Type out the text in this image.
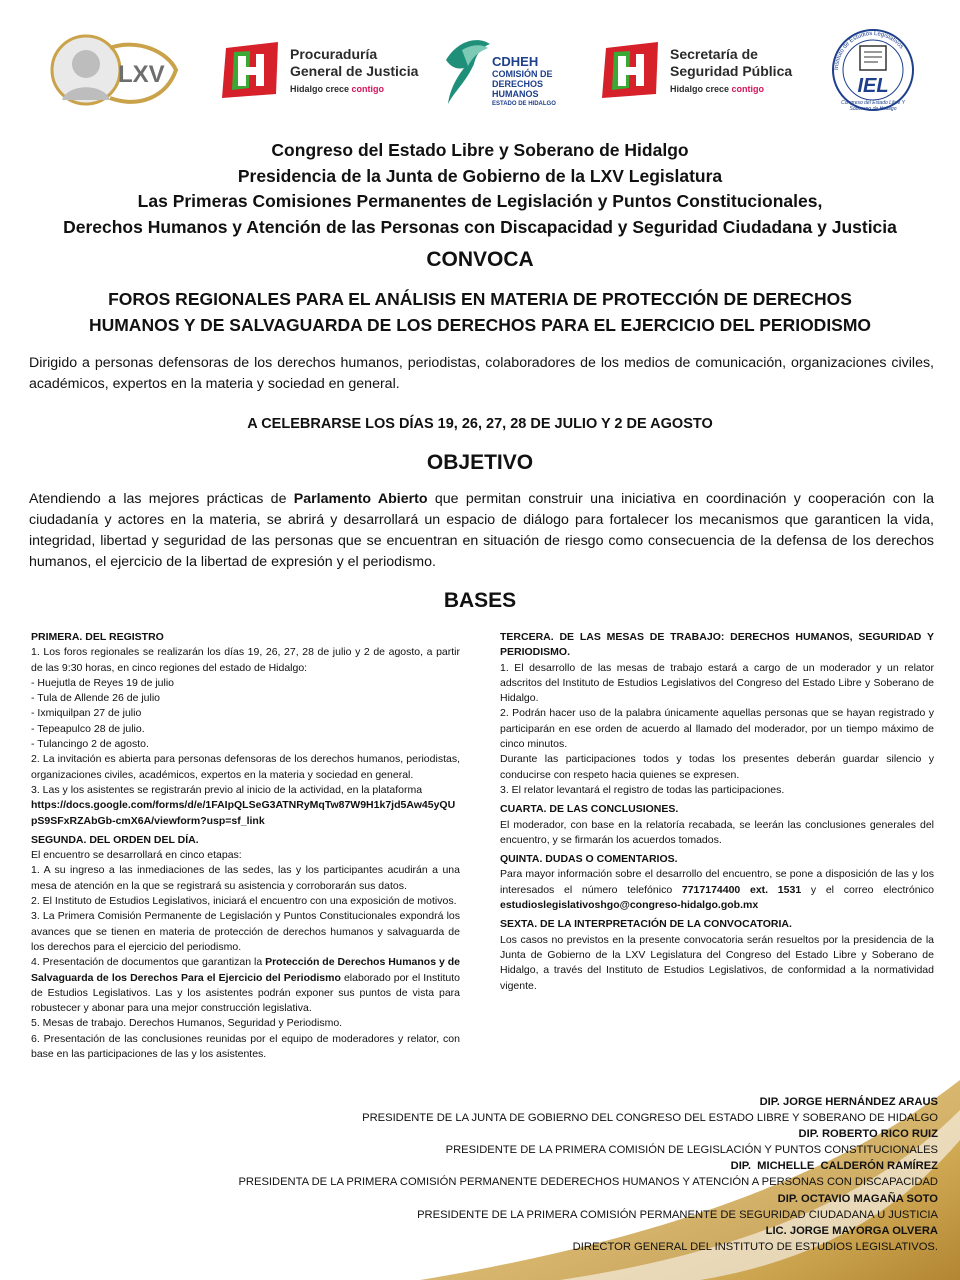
LXV
Procuraduría General de Justicia
Hidalgo crece contigo
CDHEH
COMISIÓN DE DERECHOS HUMANOS
ESTADO DE HIDALGO
Secretaría de Seguridad Pública
Hidalgo crece contigo
Instituto de Estudios Legislativos
IEL
Congreso del Estado Libre Y Soberano de Hidalgo
Congreso del Estado Libre y Soberano de Hidalgo
Presidencia de la Junta de Gobierno de la LXV Legislatura
Las Primeras Comisiones Permanentes de Legislación y Puntos Constitucionales,
Derechos Humanos y Atención de las Personas con Discapacidad y Seguridad Ciudadana y Justicia
CONVOCA
FOROS REGIONALES PARA EL ANÁLISIS EN MATERIA DE PROTECCIÓN DE DERECHOS
HUMANOS Y DE SALVAGUARDA DE LOS DERECHOS PARA EL EJERCICIO DEL PERIODISMO
Dirigido a personas defensoras de los derechos humanos, periodistas, colaboradores de los medios de comunicación, organizaciones civiles, académicos, expertos en la materia y sociedad en general.
A CELEBRARSE LOS DÍAS 19, 26, 27, 28 DE JULIO Y 2 DE AGOSTO
OBJETIVO
Atendiendo a las mejores prácticas de Parlamento Abierto que permitan construir una iniciativa en coordinación y cooperación con la ciudadanía y actores en la materia, se abrirá y desarrollará un espacio de diálogo para fortalecer los mecanismos que garanticen la vida, integridad, libertad y seguridad de las personas que se encuentran en situación de riesgo como consecuencia de la defensa de los derechos humanos, el ejercicio de la libertad de expresión y el periodismo.
BASES
PRIMERA. DEL REGISTRO

1. Los foros regionales se realizarán los días 19, 26, 27, 28 de julio y 2 de agosto, a partir de las 9:30 horas, en cinco regiones del estado de Hidalgo:

- Huejutla de Reyes 19 de julio

- Tula de Allende 26 de julio

- Ixmiquilpan 27 de julio

- Tepeapulco 28 de julio.

- Tulancingo 2 de agosto.

2. La invitación es abierta para personas defensoras de los derechos humanos, periodistas, organizaciones civiles, académicos, expertos en la materia y sociedad en general.

3. Las y los asistentes se registrarán previo al inicio de la actividad, en la plataforma

https://docs.google.com/forms/d/e/1FAIpQLSeG3ATNRyMqTw87W9H1k7jd5Aw45yQUpS9SFxRZAbGb-cmX6A/viewform?usp=sf_link

SEGUNDA. DEL ORDEN DEL DÍA.

El encuentro se desarrollará en cinco etapas:

1. A su ingreso a las inmediaciones de las sedes, las y los participantes acudirán a una mesa de atención en la que se registrará su asistencia y corroborarán sus datos.

2. El Instituto de Estudios Legislativos, iniciará el encuentro con una exposición de motivos.

3. La Primera Comisión Permanente de Legislación y Puntos Constitucionales expondrá los avances que se tienen en materia de protección de derechos humanos y salvaguarda de los derechos para el ejercicio del periodismo.

4. Presentación de documentos que garantizan la Protección de Derechos Humanos y de Salvaguarda de los Derechos Para el Ejercicio del Periodismo elaborado por el Instituto de Estudios Legislativos. Las y los asistentes podrán exponer sus puntos de vista para robustecer y abonar para una mejor construcción legislativa.

5. Mesas de trabajo. Derechos Humanos, Seguridad y Periodismo.

6. Presentación de las conclusiones reunidas por el equipo de moderadores y relator, con base en las participaciones de las y los asistentes.

TERCERA. DE LAS MESAS DE TRABAJO: DERECHOS HUMANOS, SEGURIDAD Y PERIODISMO.

1. El desarrollo de las mesas de trabajo estará a cargo de un moderador y un relator adscritos del Instituto de Estudios Legislativos del Congreso del Estado Libre y Soberano de Hidalgo.

2. Podrán hacer uso de la palabra únicamente aquellas personas que se hayan registrado y participarán en ese orden de acuerdo al llamado del moderador, por un tiempo máximo de cinco minutos.

Durante las participaciones todos y todas los presentes deberán guardar silencio y conducirse con respeto hacia quienes se expresen.

3. El relator levantará el registro de todas las participaciones.

CUARTA. DE LAS CONCLUSIONES.

El moderador, con base en la relatoría recabada, se leerán las conclusiones generales del encuentro, y se firmarán los acuerdos tomados.

QUINTA. DUDAS O COMENTARIOS.

Para mayor información sobre el desarrollo del encuentro, se pone a disposición de las y los interesados el número telefónico 7717174400 ext. 1531 y el correo electrónico estudioslegislativoshgo@congreso-hidalgo.gob.mx

SEXTA. DE LA INTERPRETACIÓN DE LA CONVOCATORIA.

Los casos no previstos en la presente convocatoria serán resueltos por la presidencia de la Junta de Gobierno de la LXV Legislatura del Congreso del Estado Libre y Soberano de Hidalgo, a través del Instituto de Estudios Legislativos, de conformidad a la normatividad vigente.

DIP. JORGE HERNÁNDEZ ARAUS
PRESIDENTE DE LA JUNTA DE GOBIERNO DEL CONGRESO DEL ESTADO LIBRE Y SOBERANO DE HIDALGO
DIP. ROBERTO RICO RUIZ
PRESIDENTE DE LA PRIMERA COMISIÓN DE LEGISLACIÓN Y PUNTOS CONSTITUCIONALES
DIP.  MICHELLE  CALDERÓN RAMÍREZ
PRESIDENTA DE LA PRIMERA COMISIÓN PERMANENTE DEDERECHOS HUMANOS Y ATENCIÓN A PERSONAS CON DISCAPACIDAD
DIP. OCTAVIO MAGAÑA SOTO
PRESIDENTE DE LA PRIMERA COMISIÓN PERMANENTE DE SEGURIDAD CIUDADANA U JUSTICIA
LIC. JORGE MAYORGA OLVERA
DIRECTOR GENERAL DEL INSTITUTO DE ESTUDIOS LEGISLATIVOS.
